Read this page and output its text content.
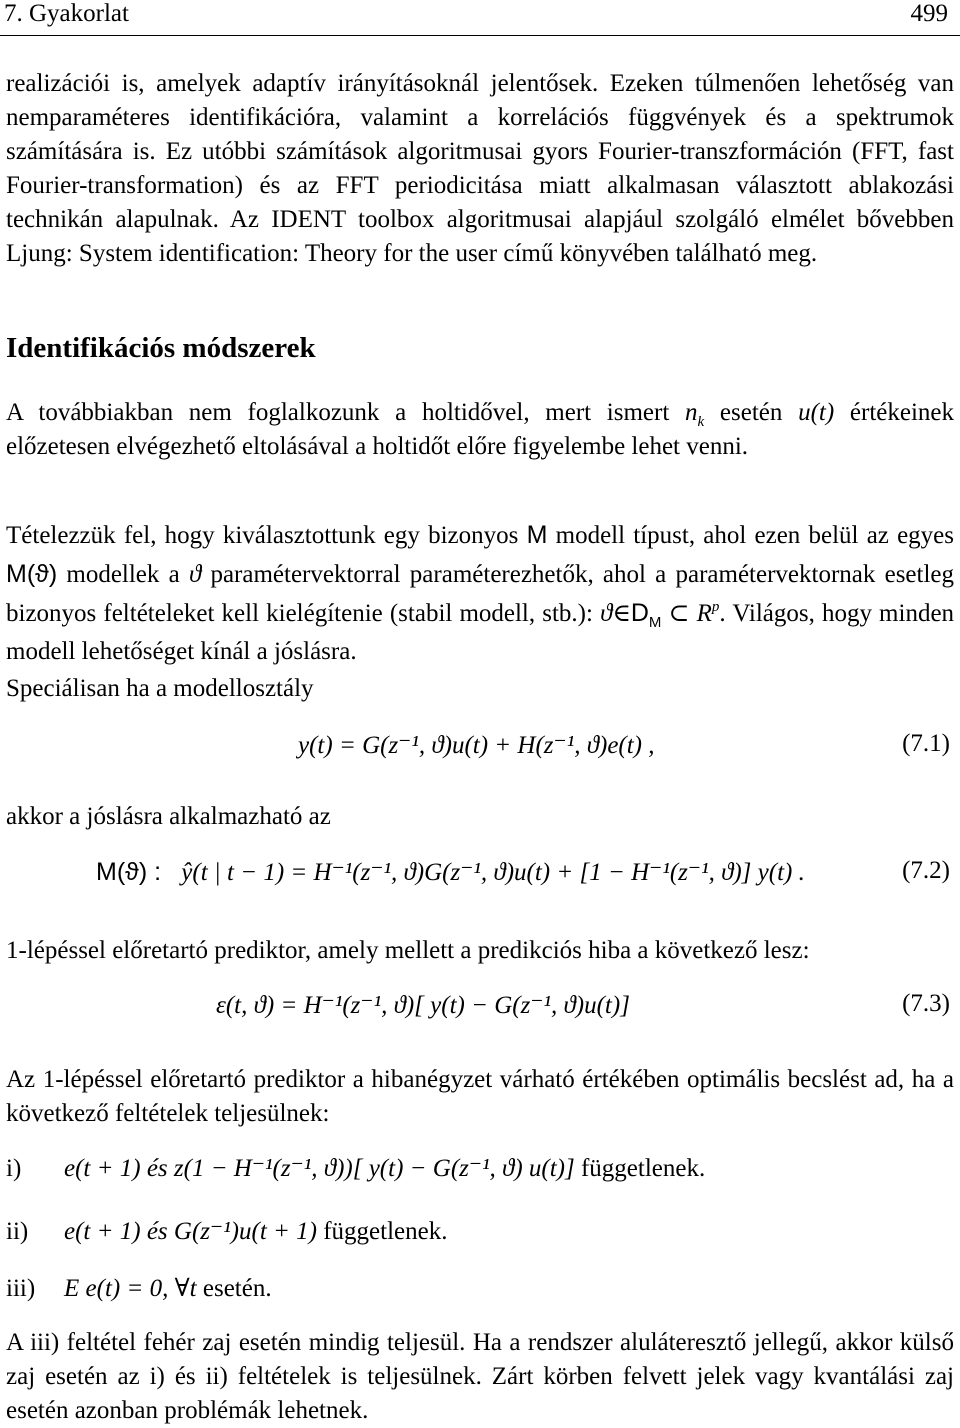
7. Gyakorlat	499

realizációi is, amelyek adaptív irányításoknál jelentősek. Ezeken túlmenően lehetőség van nemparaméteres identifikációra, valamint a korrelációs függvények és a spektrumok számítására is. Ez utóbbi számítások algoritmusai gyors Fourier-transzformáción (FFT, fast Fourier-transformation) és az FFT periodicitása miatt alkalmasan választott ablakozási technikán alapulnak. Az IDENT toolbox algoritmusai alapjául szolgáló elmélet bővebben Ljung: System identification: Theory for the user című könyvében található meg.

Identifikációs módszerek

A továbbiakban nem foglalkozunk a holtidővel, mert ismert $n_k$ esetén u(t) értékeinek előzetesen elvégezhető eltolásával a holtidőt előre figyelembe lehet venni.

Tételezzük fel, hogy kiválasztottunk egy bizonyos M modell típust, ahol ezen belül az egyes M(ϑ) modellek a ϑ paramétervektorral paraméterezhetők, ahol a paramétervektornak esetleg bizonyos feltételeket kell kielégítenie (stabil modell, stb.): $ϑ\in D_M$ ⊂ $R^p$. Világos, hogy minden modell lehetőséget kínál a jóslásra.

Speciálisan ha a modellosztály

y(t) = G(z⁻¹, ϑ)u(t) + H(z⁻¹, ϑ)e(t) ,	(7.1)

akkor a jóslásra alkalmazható az

M(ϑ) : ŷ(t | t − 1) = H⁻¹(z⁻¹, ϑ)G(z⁻¹, ϑ)u(t) + [1 − H⁻¹(z⁻¹, ϑ)] y(t) .	(7.2)

1-lépéssel előretartó prediktor, amely mellett a predikciós hiba a következő lesz:

ε(t, ϑ) = H⁻¹(z⁻¹, ϑ)[ y(t) − G(z⁻¹, ϑ)u(t)]	(7.3)

Az 1-lépéssel előretartó prediktor a hibanégyzet várható értékében optimális becslést ad, ha a következő feltételek teljesülnek:

i) e(t + 1) és z(1 − H⁻¹(z⁻¹, ϑ))[ y(t) − G(z⁻¹, ϑ) u(t)] függetlenek.
ii) e(t + 1) és G(z⁻¹)u(t + 1) függetlenek.
iii) E e(t) = 0, ∀t esetén.

A iii) feltétel fehér zaj esetén mindig teljesül. Ha a rendszer aluláteresztő jellegű, akkor külső zaj esetén az i) és ii) feltételek is teljesülnek. Zárt körben felvett jelek vagy kvantálási zaj esetén azonban problémák lehetnek.
